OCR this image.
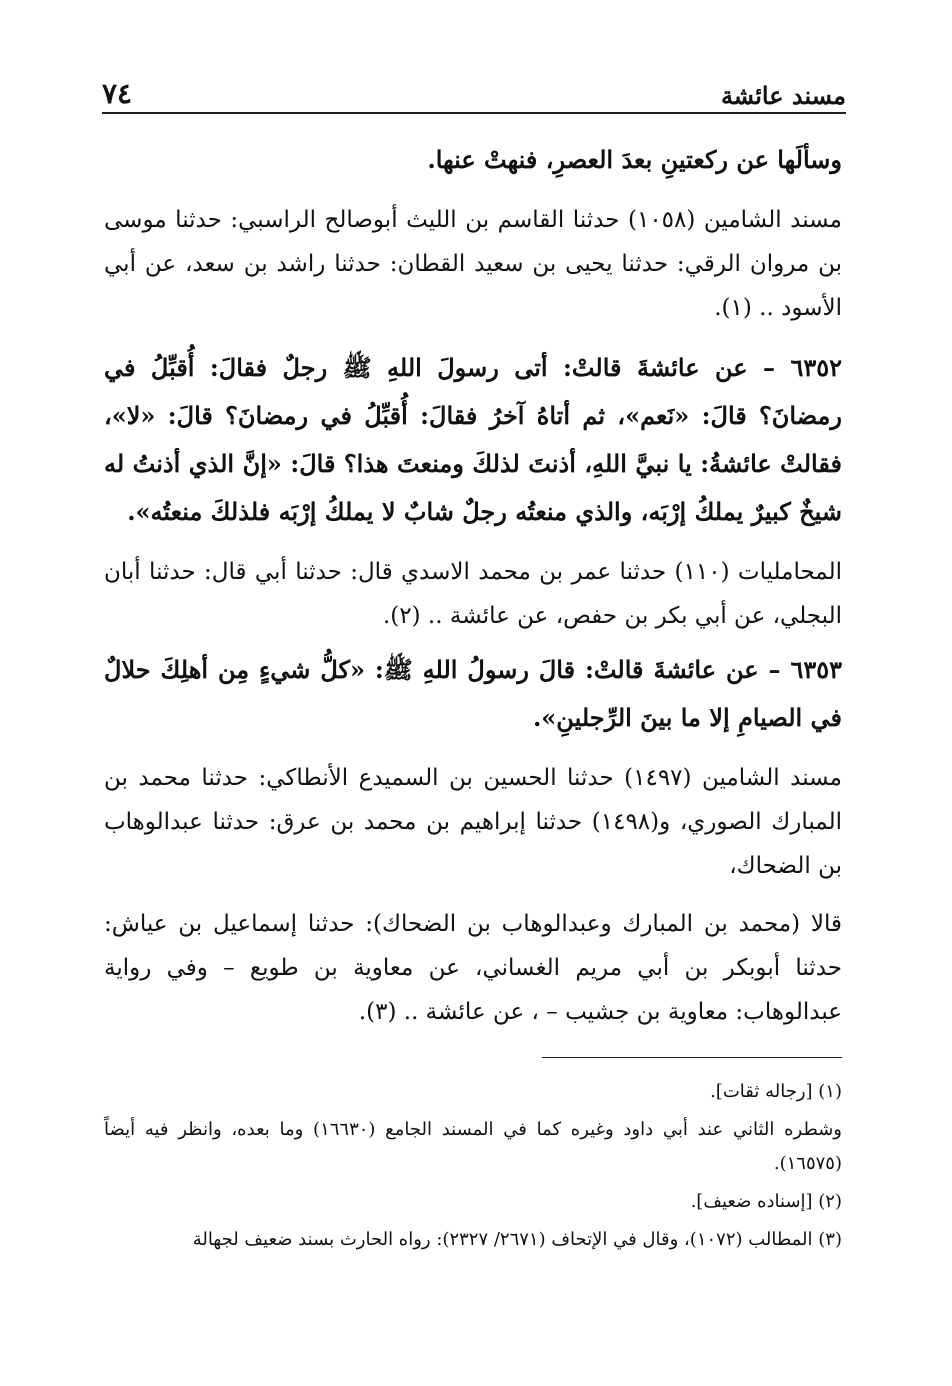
٧٤	مسند عائشة

وسألَها عن ركعتينِ بعدَ العصرِ، فنهتْ عنها.

مسند الشامين (١٠٥٨) حدثنا القاسم بن الليث أبوصالح الراسبي: حدثنا موسى بن مروان الرقي: حدثنا يحيى بن سعيد القطان: حدثنا راشد بن سعد، عن أبي الأسود .. (١).

٦٣٥٢ – عن عائشةَ قالتْ: أتى رسولَ اللهِ ﷺ رجلٌ فقالَ: أُقبِّلُ في رمضانَ؟ قالَ: «نَعم»، ثم أتاهُ آخرُ فقالَ: أُقبِّلُ في رمضانَ؟ قالَ: «لا»، فقالتْ عائشةُ: يا نبيَّ اللهِ، أذنتَ لذلكَ ومنعتَ هذا؟ قالَ: «إنَّ الذي أذنتُ له شيخٌ كبيرٌ يملكُ إرْبَه، والذي منعتُه رجلٌ شابٌ لا يملكُ إرْبَه فلذلكَ منعتُه».

المحامليات (١١٠) حدثنا عمر بن محمد الاسدي قال: حدثنا أبي قال: حدثنا أبان البجلي، عن أبي بكر بن حفص، عن عائشة .. (٢).

٦٣٥٣ – عن عائشةَ قالتْ: قالَ رسولُ اللهِ ﷺ: «كلُّ شيءٍ مِن أهلِكَ حلالٌ في الصيامِ إلا ما بينَ الرِّجلينِ».

مسند الشامين (١٤٩٧) حدثنا الحسين بن السميدع الأنطاكي: حدثنا محمد بن المبارك الصوري، و(١٤٩٨) حدثنا إبراهيم بن محمد بن عرق: حدثنا عبدالوهاب بن الضحاك،

قالا (محمد بن المبارك وعبدالوهاب بن الضحاك): حدثنا إسماعيل بن عياش: حدثنا أبوبكر بن أبي مريم الغساني، عن معاوية بن طويع – وفي رواية عبدالوهاب: معاوية بن جشيب – ، عن عائشة .. (٣).

(١) [رجاله ثقات].

وشطره الثاني عند أبي داود وغيره كما في المسند الجامع (١٦٦٣٠) وما بعده، وانظر فيه أيضاً (١٦٥٧٥).

(٢) [إسناده ضعيف].

(٣) المطالب (١٠٧٢)، وقال في الإتحاف (٢٦٧١/ ٢٣٢٧): رواه الحارث بسند ضعيف لجهالة
